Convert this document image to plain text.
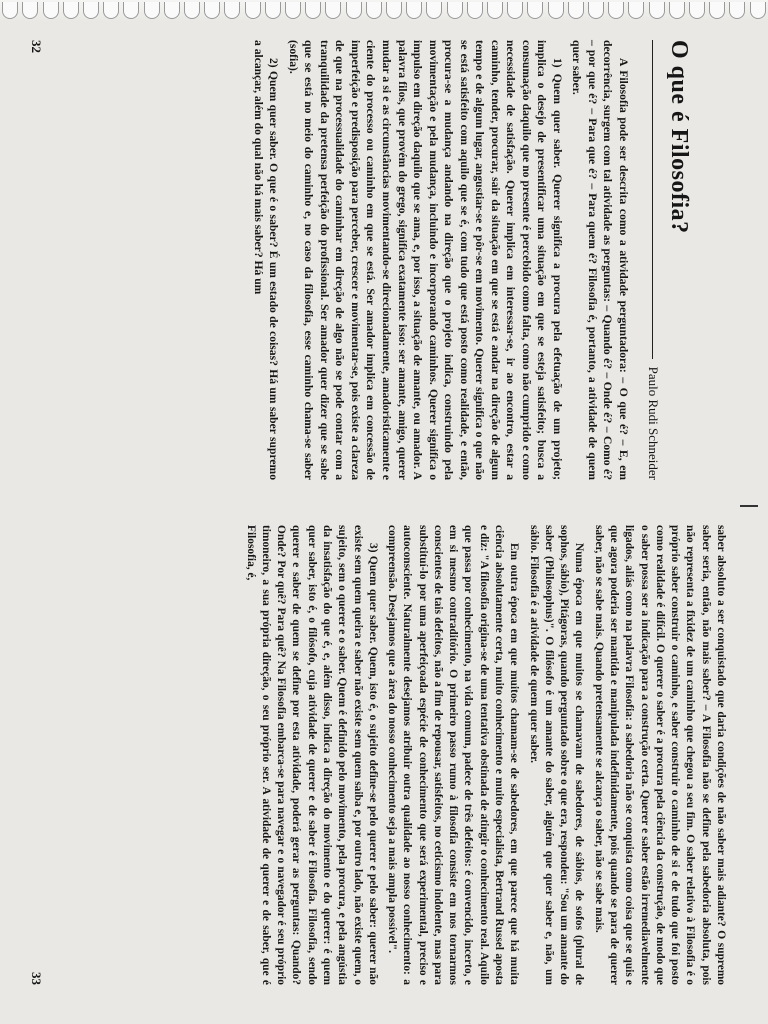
O que é Filosofia?
Paulo Rudi Schneider

A Filosofia pode ser descrita como a atividade perguntadora: – O que é? – E, em decorrência, surgem com tal atividade as perguntas: – Quando é? – Onde é? – Como é? – por que é? – Para que é? – Para quem é? Filosofia é, portanto, a atividade de quem quer saber.

1) Quem quer saber. Querer significa a procura pela efetuação de um projeto; implica o desejo de presentificar uma situação em que se esteja satisfeito; busca a consumação daquilo que no presente é percebido como falta, como não cumprido e como necessidade de satisfação. Querer implica em interessar-se, ir ao encontro, estar a caminho, tender, procurar, sair da situação em que se está e andar na direção de algum tempo e de algum lugar, angustiar-se e pôr-se em movimento. Querer significa o que não se está satisfeito com aquilo que se é, com tudo que está posto como realidade, e então, procura-se a mudança andando na direção que o projeto indica, construindo pela movimentação e pela mudança, incluindo e incorporando caminhos. Querer significa o impulso em direção daquilo que se ama, e, por isso, a situação de amante, ou amador. A palavra filos, que provém do grego, significa exatamente isso: ser amante, amigo, querer mudar a si e as circunstâncias movimentando-se direcionadamente, amadoristicamente e ciente do processo ou caminho em que se está. Ser amador implica em concessão de imperfeição e predisposição para perceber, crescer e movimentar-se, pois existe a clareza de que na processualidade do caminhar em direção de algo não se pode contar com a tranquilidade da pretensa perfeição do profissional. Ser amador quer dizer que se sabe que se está no meio do caminho e, no caso da filosofia, esse caminho chama-se saber (sofia).

2) Quem quer saber. O que é o saber? É um estado de coisas? Há um saber supremo a alcançar, além do qual não há mais saber? Há um

32

saber absoluto a ser conquistado que daria condições de não saber mais adiante? O supremo saber seria, então, não mais saber? – A Filosofia não se define pela sabedoria absoluta, pois não representa a fixidez de um caminho que chegou a seu fim. O saber relativo à Filosofia é o próprio saber construir o caminho, e saber construir o caminho de si e de tudo que foi posto como realidade é difícil. O querer o saber é a procura pela ciência da construção, de modo que o saber possa ser a indicação para a construção certa. Querer e saber estão irremediavelmente ligados, aliás como na palavra Filosofia: a sabedoria não se conquista como coisa que se quis e que agora poderia ser mantida e manipulada indefinidamente, pois quando se para de querer saber, não se sabe mais. Quando pretensamente se alcança o saber, não se sabe mais.

Numa época em que muitos se chamavam de sabedores, de sábios, de sofos (plural de sophos, sábio), Pitágoras, quando perguntado sobre o que era, respondeu: "Sou um amante do saber (Philosophus)". O filósofo é um amante do saber, alguém que quer saber e, não, um sábio. Filosofia é a atividade de quem quer saber.

Em outra época em que muitos chamam-se de sabedores, em que parece que há muita ciência absolutamente certa, muito conhecimento e muito especialista, Bertrand Russel aposta e diz: "A filosofia origina-se de uma tentativa obstinada de atingir o conhecimento real. Aquilo que passa por conhecimento, na vida comum, padece de três defeitos: é convencido, incerto, e em si mesmo contraditório. O primeiro passo rumo à filosofia consiste em nos tornarmos conscientes de tais defeitos, não a fim de repousar, satisfeitos, no ceticismo indolente, mas para substituí-lo por uma aperfeiçoada espécie de conhecimento que será experimental, preciso e autoconsciente. Naturalmente desejamos atribuir outra qualidade ao nosso conhecimento: a compreensão. Desejamos que a área do nosso conhecimento seja a mais ampla possível".

3) Quem quer saber. Quem, isto é, o sujeito define-se pelo querer e pelo saber: querer não existe sem quem queira e saber não existe sem quem saiba e, por outro lado, não existe quem, o sujeito, sem o querer e o saber. Quem é definido pelo movimento, pela procura, e pela angústia da insatisfação do que é, e, além disso, indica a direção do movimento e do querer: é quem quer saber, isto é, o filósofo, cuja atividade de querer e de saber é Filosofia. Filosofia, sendo querer e saber de quem se define por esta atividade, poderá gerar as perguntas: Quando? Onde? Por quê? Para quê? Na Filosofia embarca-se para navegar e o navegador é seu próprio timoneiro, a sua própria direção, o seu próprio ser. A atividade de querer e de saber, que é Filosofia, é,

33
